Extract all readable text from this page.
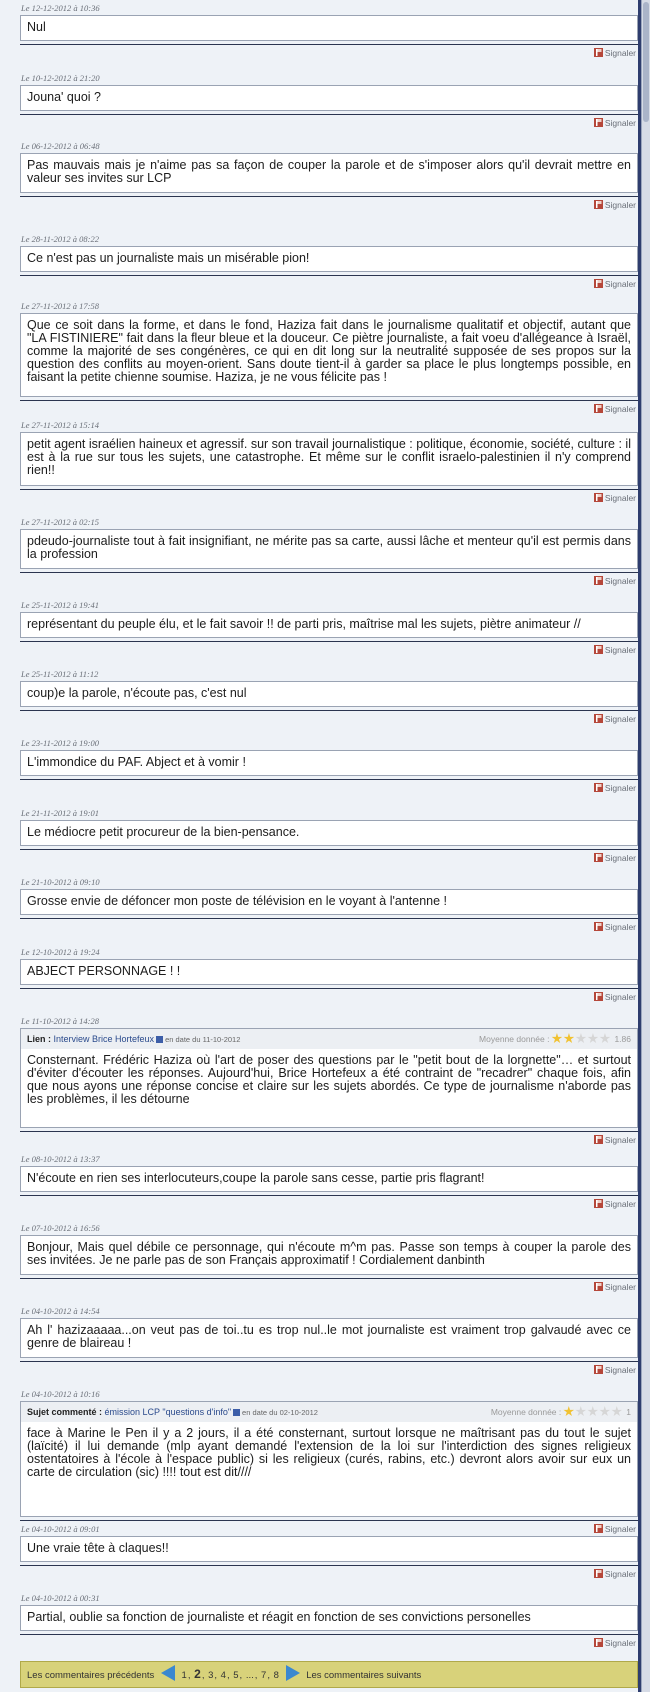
Le 12-12-2012 à 10:36
Nul
Signaler
Le 10-12-2012 à 21:20
Jouna' quoi ?
Signaler
Le 06-12-2012 à 06:48
Pas mauvais mais je n'aime pas sa façon de couper la parole et de s'imposer alors qu'il devrait mettre en valeur ses invites sur LCP
Signaler
Le 28-11-2012 à 08:22
Ce n'est pas un journaliste mais un misérable pion!
Signaler
Le 27-11-2012 à 17:58
Que ce soit dans la forme, et dans le fond, Haziza fait dans le journalisme qualitatif et objectif, autant que "LA FISTINIERE" fait dans la fleur bleue et la douceur. Ce piètre journaliste, a fait voeu d'allégeance à Israël, comme la majorité de ses congénères, ce qui en dit long sur la neutralité supposée de ses propos sur la question des conflits au moyen-orient. Sans doute tient-il à garder sa place le plus longtemps possible, en faisant la petite chienne soumise. Haziza, je ne vous félicite pas !
Signaler
Le 27-11-2012 à 15:14
petit agent israélien haineux et agressif. sur son travail journalistique : politique, économie, société, culture : il est à la rue sur tous les sujets, une catastrophe. Et même sur le conflit israelo-palestinien il n'y comprend rien!!
Signaler
Le 27-11-2012 à 02:15
pdeudo-journaliste tout à fait insignifiant, ne mérite pas sa carte, aussi lâche et menteur qu'il est permis dans la profession
Signaler
Le 25-11-2012 à 19:41
représentant du peuple élu, et le fait savoir !! de parti pris, maîtrise mal les sujets, piètre animateur //
Signaler
Le 25-11-2012 à 11:12
coup)e la parole, n'écoute pas, c'est nul
Signaler
Le 23-11-2012 à 19:00
L'immondice du PAF. Abject et à vomir !
Signaler
Le 21-11-2012 à 19:01
Le médiocre petit procureur de la bien-pensance.
Signaler
Le 21-10-2012 à 09:10
Grosse envie de défoncer mon poste de télévision en le voyant à l'antenne !
Signaler
Le 12-10-2012 à 19:24
ABJECT PERSONNAGE ! !
Signaler
Le 11-10-2012 à 14:28
Lien : Interview Brice Hortefeux en date du 11-10-2012	Moyenne donnée :	1.86
Consternant. Frédéric Haziza où l'art de poser des questions par le "petit bout de la lorgnette"… et surtout d'éviter d'écouter les réponses. Aujourd'hui, Brice Hortefeux a été contraint de "recadrer" chaque fois, afin que nous ayons une réponse concise et claire sur les sujets abordés. Ce type de journalisme n'aborde pas les problèmes, il les détourne
Signaler
Le 08-10-2012 à 13:37
N'écoute en rien ses interlocuteurs,coupe la parole sans cesse, partie pris flagrant!
Signaler
Le 07-10-2012 à 16:56
Bonjour, Mais quel débile ce personnage, qui n'écoute m^m pas. Passe son temps à couper la parole des ses invitées. Je ne parle pas de son Français approximatif ! Cordialement danbinth
Signaler
Le 04-10-2012 à 14:54
Ah l' hazizaaaaa...on veut pas de toi..tu es trop nul..le mot journaliste est vraiment trop galvaudé avec ce genre de blaireau !
Signaler
Le 04-10-2012 à 10:16
Sujet commenté : émission LCP "questions d'info" en date du 02-10-2012	Moyenne donnée :	1
face à Marine le Pen il y a 2 jours, il a été consternant, surtout lorsque ne maîtrisant pas du tout le sujet (laïcité) il lui demande (mlp ayant demandé l'extension de la loi sur l'interdiction des signes religieux ostentatoires à l'école à l'espace public) si les religieux (curés, rabins, etc.) devront alors avoir sur eux un carte de circulation (sic) !!!! tout est dit////
Signaler
Le 04-10-2012 à 09:01
Une vraie tête à claques!!
Signaler
Le 04-10-2012 à 00:31
Partial, oublie sa fonction de journaliste et réagit en fonction de ses convictions personelles
Signaler
Les commentaires précédents	1, 2, 3, 4, 5, ..., 7, 8	Les commentaires suivants
